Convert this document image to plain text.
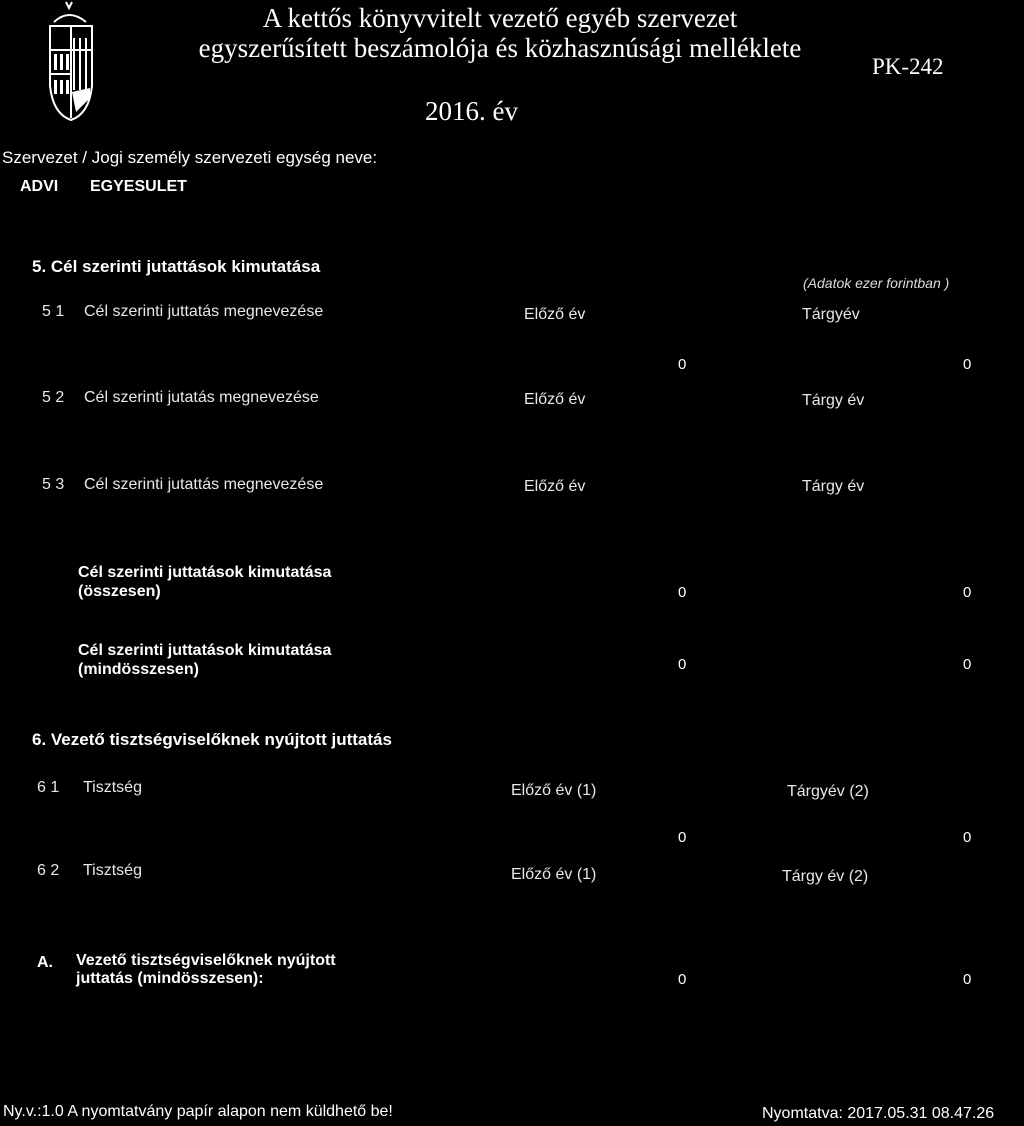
A kettős könyvvitelt vezető egyéb szervezet
egyszerűsített beszámolója és közhasznúsági melléklete
2016. év
PK-242
Szervezet / Jogi személy szervezeti egység neve:
ADVI EGYESULET
5. Cél szerinti jutattások kimutatása
(Adatok ezer forintban )
5 1 Cél szerinti juttatás megnevezése	Előző év	Tárgyév
0	0
5 2 Cél szerinti jutatás megnevezése	Előző év	Tárgy év
5 3 Cél szerinti jutattás megnevezése	Előző év	Tárgy év
Cél szerinti juttatások kimutatása
(összesen)	0	0
Cél szerinti juttatások kimutatása
(mindösszesen)	0	0
6. Vezető tisztségviselőknek nyújtott juttatás
6 1 Tisztség	Előző év (1)	Tárgyév (2)
0	0
6 2 Tisztség	Előző év (1)	Tárgy év (2)
A. Vezető tisztségviselőknek nyújtott
juttatás (mindösszesen):	0	0
Ny.v.:1.0 A nyomtatvány papír alapon nem küldhető be!	Nyomtatva: 2017.05.31 08.47.26
